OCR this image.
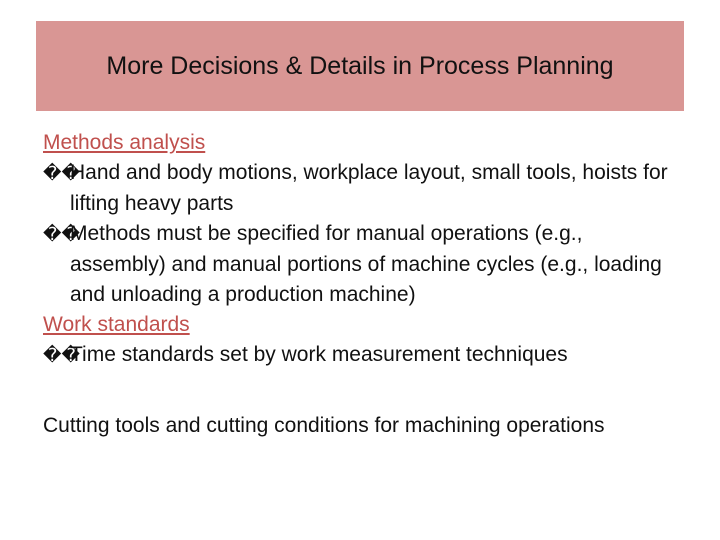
More Decisions & Details in Process Planning
Methods analysis
��Hand and body motions, workplace layout, small tools, hoists for lifting heavy parts
��Methods must be specified for manual operations (e.g., assembly) and manual portions of machine cycles (e.g., loading and unloading a production machine)
Work standards
��Time standards set by work measurement techniques
Cutting tools and cutting conditions for machining operations
